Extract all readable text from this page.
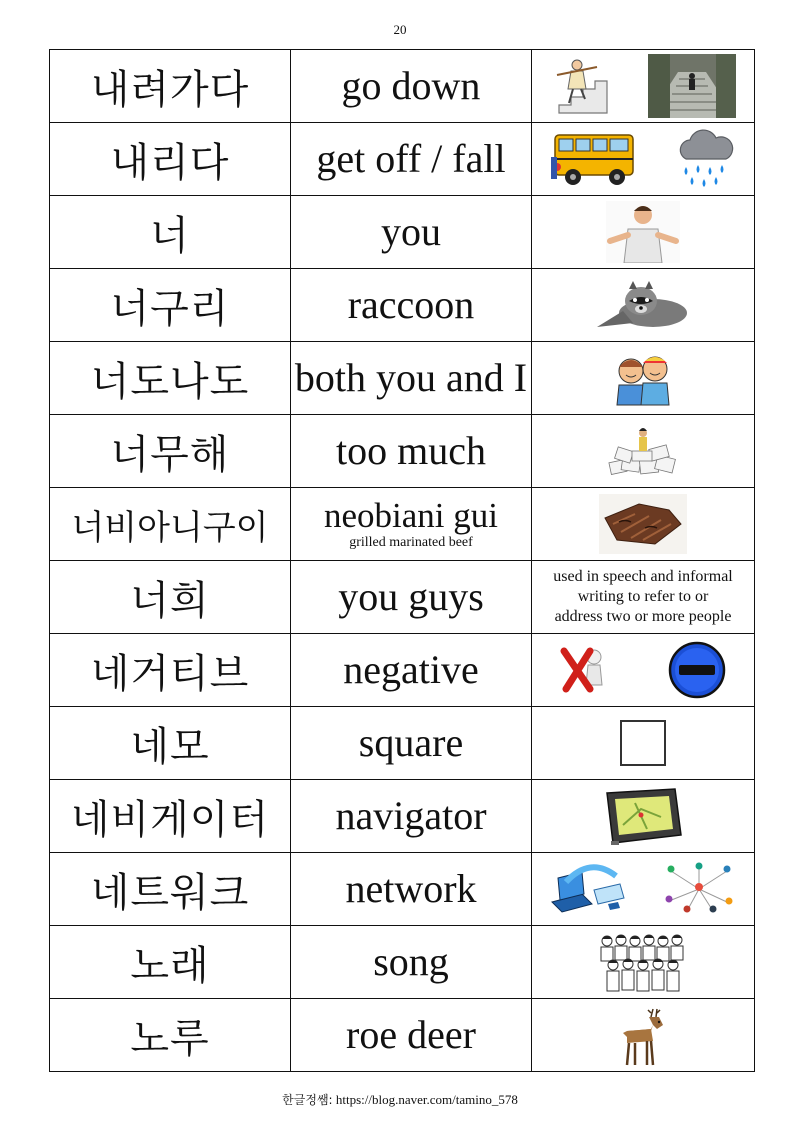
20
내려가다	go down	

내리다	get off / fall	

너	you	

너구리	raccoon	

너도나도	both you and I	

너무해	too much	

너비아니구이	neobiani gui
grilled marinated beef

너희	you guys	used in speech and informal
writing to refer to or
address two or more people

네거티브	negative	

네모	square	

네비게이터	navigator	

네트워크	network	

노래	song	

노루	roe deer	
한글정쌤: https://blog.naver.com/tamino_578
